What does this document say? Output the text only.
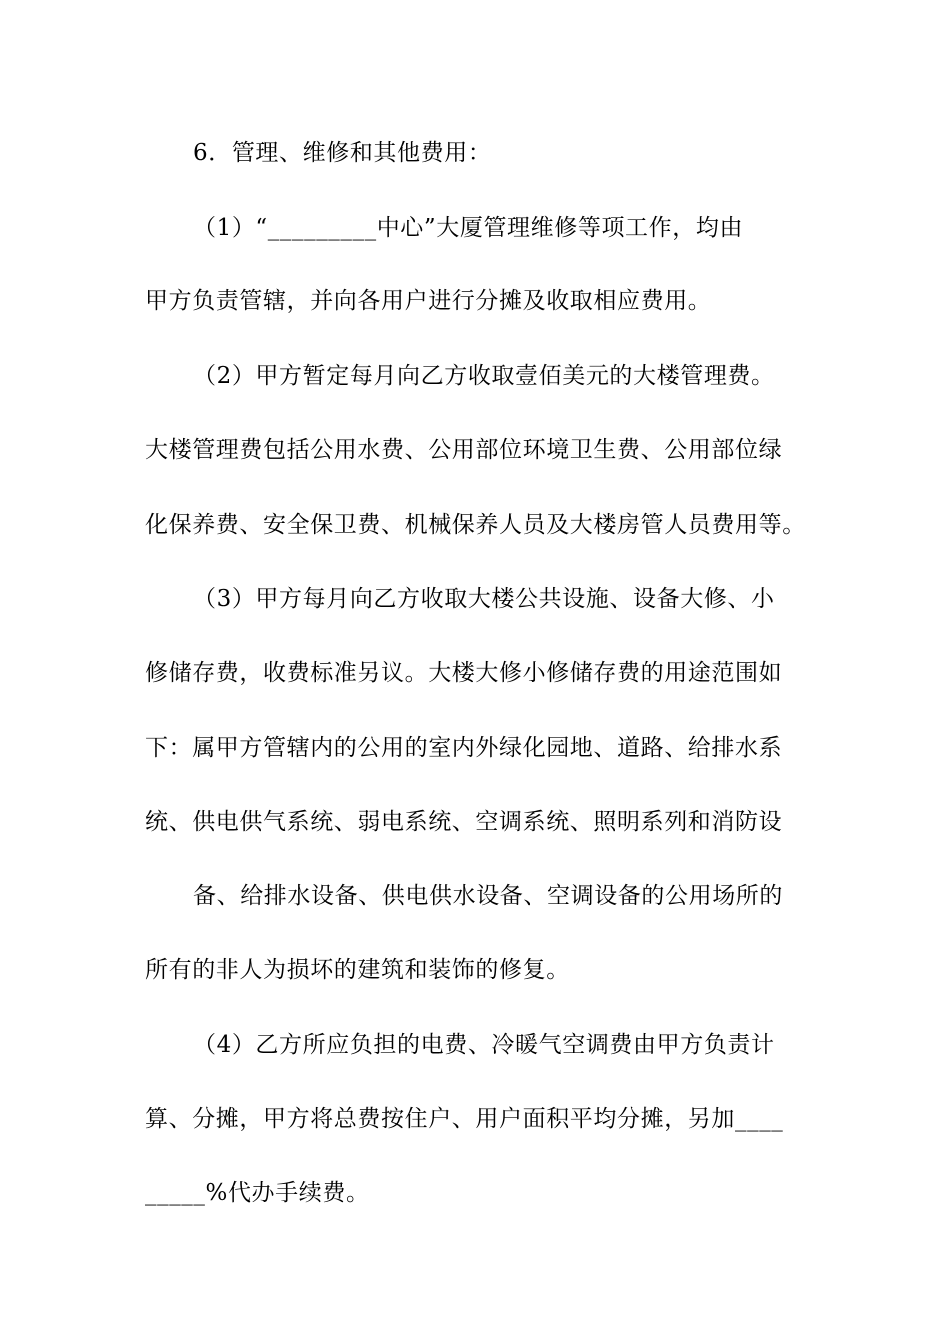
6．管理、维修和其他费用：
（1）“_________中心”大厦管理维修等项工作，均由
甲方负责管辖，并向各用户进行分摊及收取相应费用。
（2）甲方暂定每月向乙方收取壹佰美元的大楼管理费。
大楼管理费包括公用水费、公用部位环境卫生费、公用部位绿
化保养费、安全保卫费、机械保养人员及大楼房管人员费用等。
（3）甲方每月向乙方收取大楼公共设施、设备大修、小
修储存费，收费标准另议。大楼大修小修储存费的用途范围如
下：属甲方管辖内的公用的室内外绿化园地、道路、给排水系
统、供电供气系统、弱电系统、空调系统、照明系列和消防设
备、给排水设备、供电供水设备、空调设备的公用场所的
所有的非人为损坏的建筑和装饰的修复。
（4）乙方所应负担的电费、冷暖气空调费由甲方负责计
算、分摊，甲方将总费按住户、用户面积平均分摊，另加____
_____%代办手续费。
